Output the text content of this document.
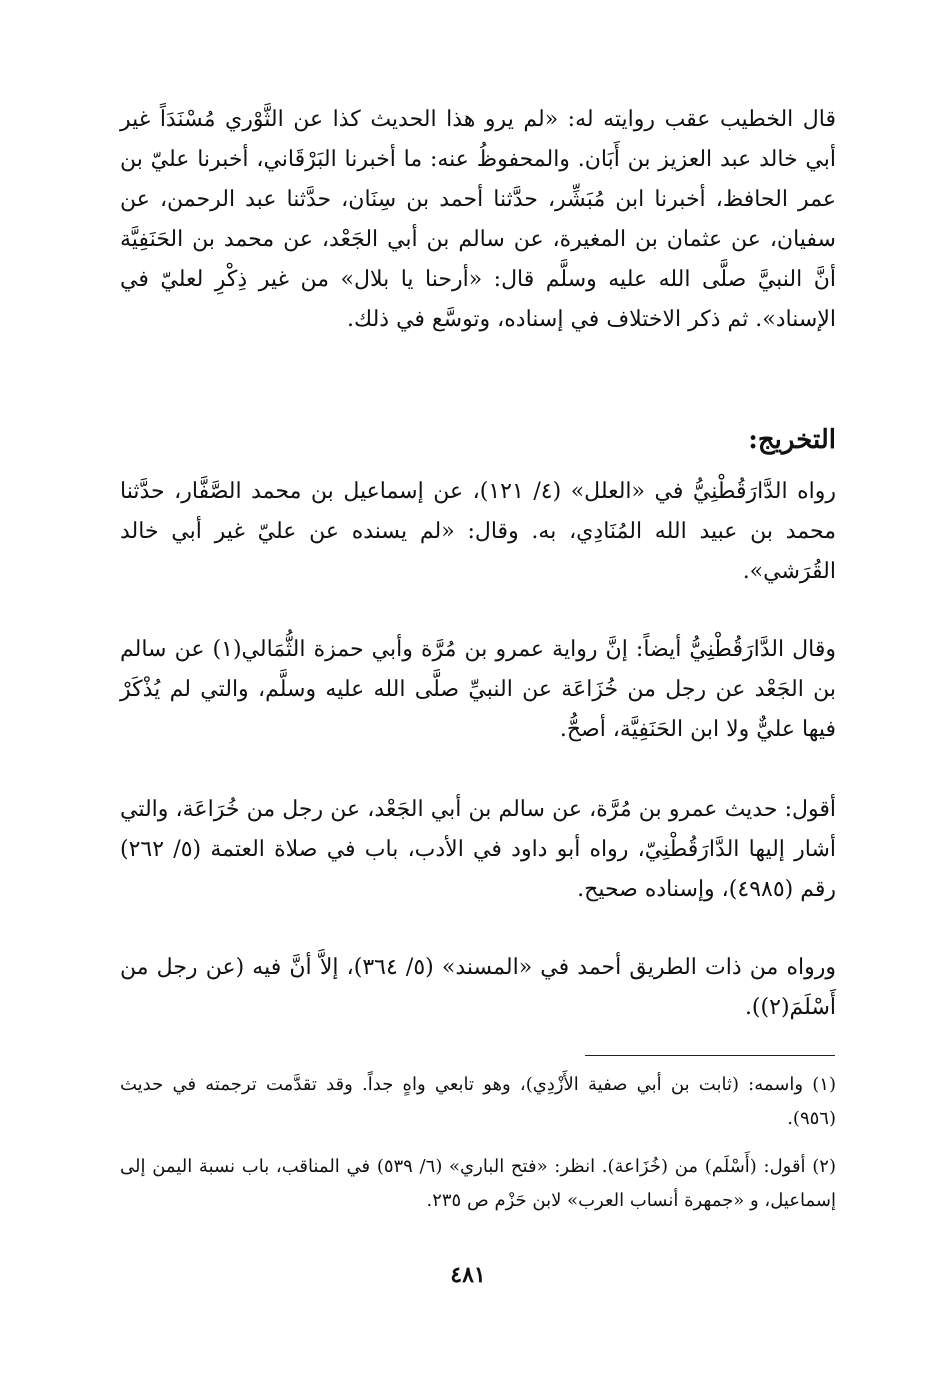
قال الخطيب عقب روايته له: «لم يرو هذا الحديث كذا عن الثَّوْري مُسْنَدَاً غير أبي خالد عبد العزيز بن أَبَان. والمحفوظُ عنه: ما أخبرنا البَرْقَاني، أخبرنا عليّ بن عمر الحافظ، أخبرنا ابن مُبَشِّر، حدَّثنا أحمد بن سِنَان، حدَّثنا عبد الرحمن، عن سفيان، عن عثمان بن المغيرة، عن سالم بن أبي الجَعْد، عن محمد بن الحَنَفِيَّة أنَّ النبيَّ صلَّى الله عليه وسلَّم قال: «أرحنا يا بلال» من غير ذِكْرِ لعليّ في الإسناد». ثم ذكر الاختلاف في إسناده، وتوسَّع في ذلك.

التخريج:

رواه الدَّارَقُطْنِيُّ في «العلل» (٤/ ١٢١)، عن إسماعيل بن محمد الصَّفَّار، حدَّثنا محمد بن عبيد الله المُنَادِي، به. وقال: «لم يسنده عن عليّ غير أبي خالد القُرَشي».

وقال الدَّارَقُطْنِيُّ أيضاً: إنَّ رواية عمرو بن مُرَّة وأبي حمزة الثُّمَالي(١) عن سالم بن الجَعْد عن رجل من خُزَاعَة عن النبيِّ صلَّى الله عليه وسلَّم، والتي لم يُذْكَرْ فيها عليٌّ ولا ابن الحَنَفِيَّة، أصحُّ.

أقول: حديث عمرو بن مُرَّة، عن سالم بن أبي الجَعْد، عن رجل من خُرَاعَة، والتي أشار إليها الدَّارَقُطْنِيّ، رواه أبو داود في الأدب، باب في صلاة العتمة (٥/ ٢٦٢) رقم (٤٩٨٥)، وإسناده صحيح.

ورواه من ذات الطريق أحمد في «المسند» (٥/ ٣٦٤)، إلاَّ أنَّ فيه (عن رجل من أَسْلَمَ(٢)).

(١) واسمه: (ثابت بن أبي صفية الأَزْدِي)، وهو تابعي واهٍ جداً. وقد تقدَّمت ترجمته في حديث (٩٥٦).

(٢) أقول: (أَسْلَم) من (خُزَاعة). انظر: «فتح الباري» (٦/ ٥٣٩) في المناقب، باب نسبة اليمن إلى إسماعيل، و «جمهرة أنساب العرب» لابن حَزْم ص ٢٣٥.

٤٨١
